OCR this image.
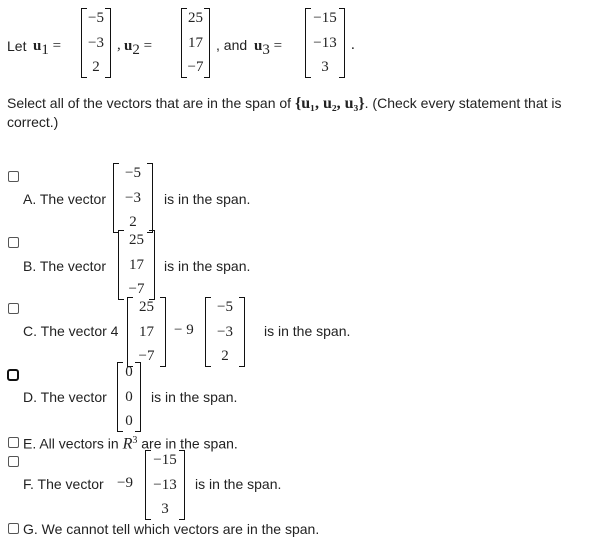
Let $u_1$ =
−5
−3
2
, $u_2$ =
25
17
−7
, and $u_3$ =
−15
−13
3
.
Select all of the vectors that are in the span of {u₁, u₂, u₃}. (Check every statement that is correct.)
A. The vector
−5
−3
2
is in the span.
B. The vector
25
17
−7
is in the span.
C. The vector 4
25
17
−7
− 9
−5
−3
2
is in the span.
D. The vector
0
0
0
is in the span.
E. All vectors in $R^3$ are in the span.
F. The vector −9
−15
−13
3
is in the span.
G. We cannot tell which vectors are in the span.
